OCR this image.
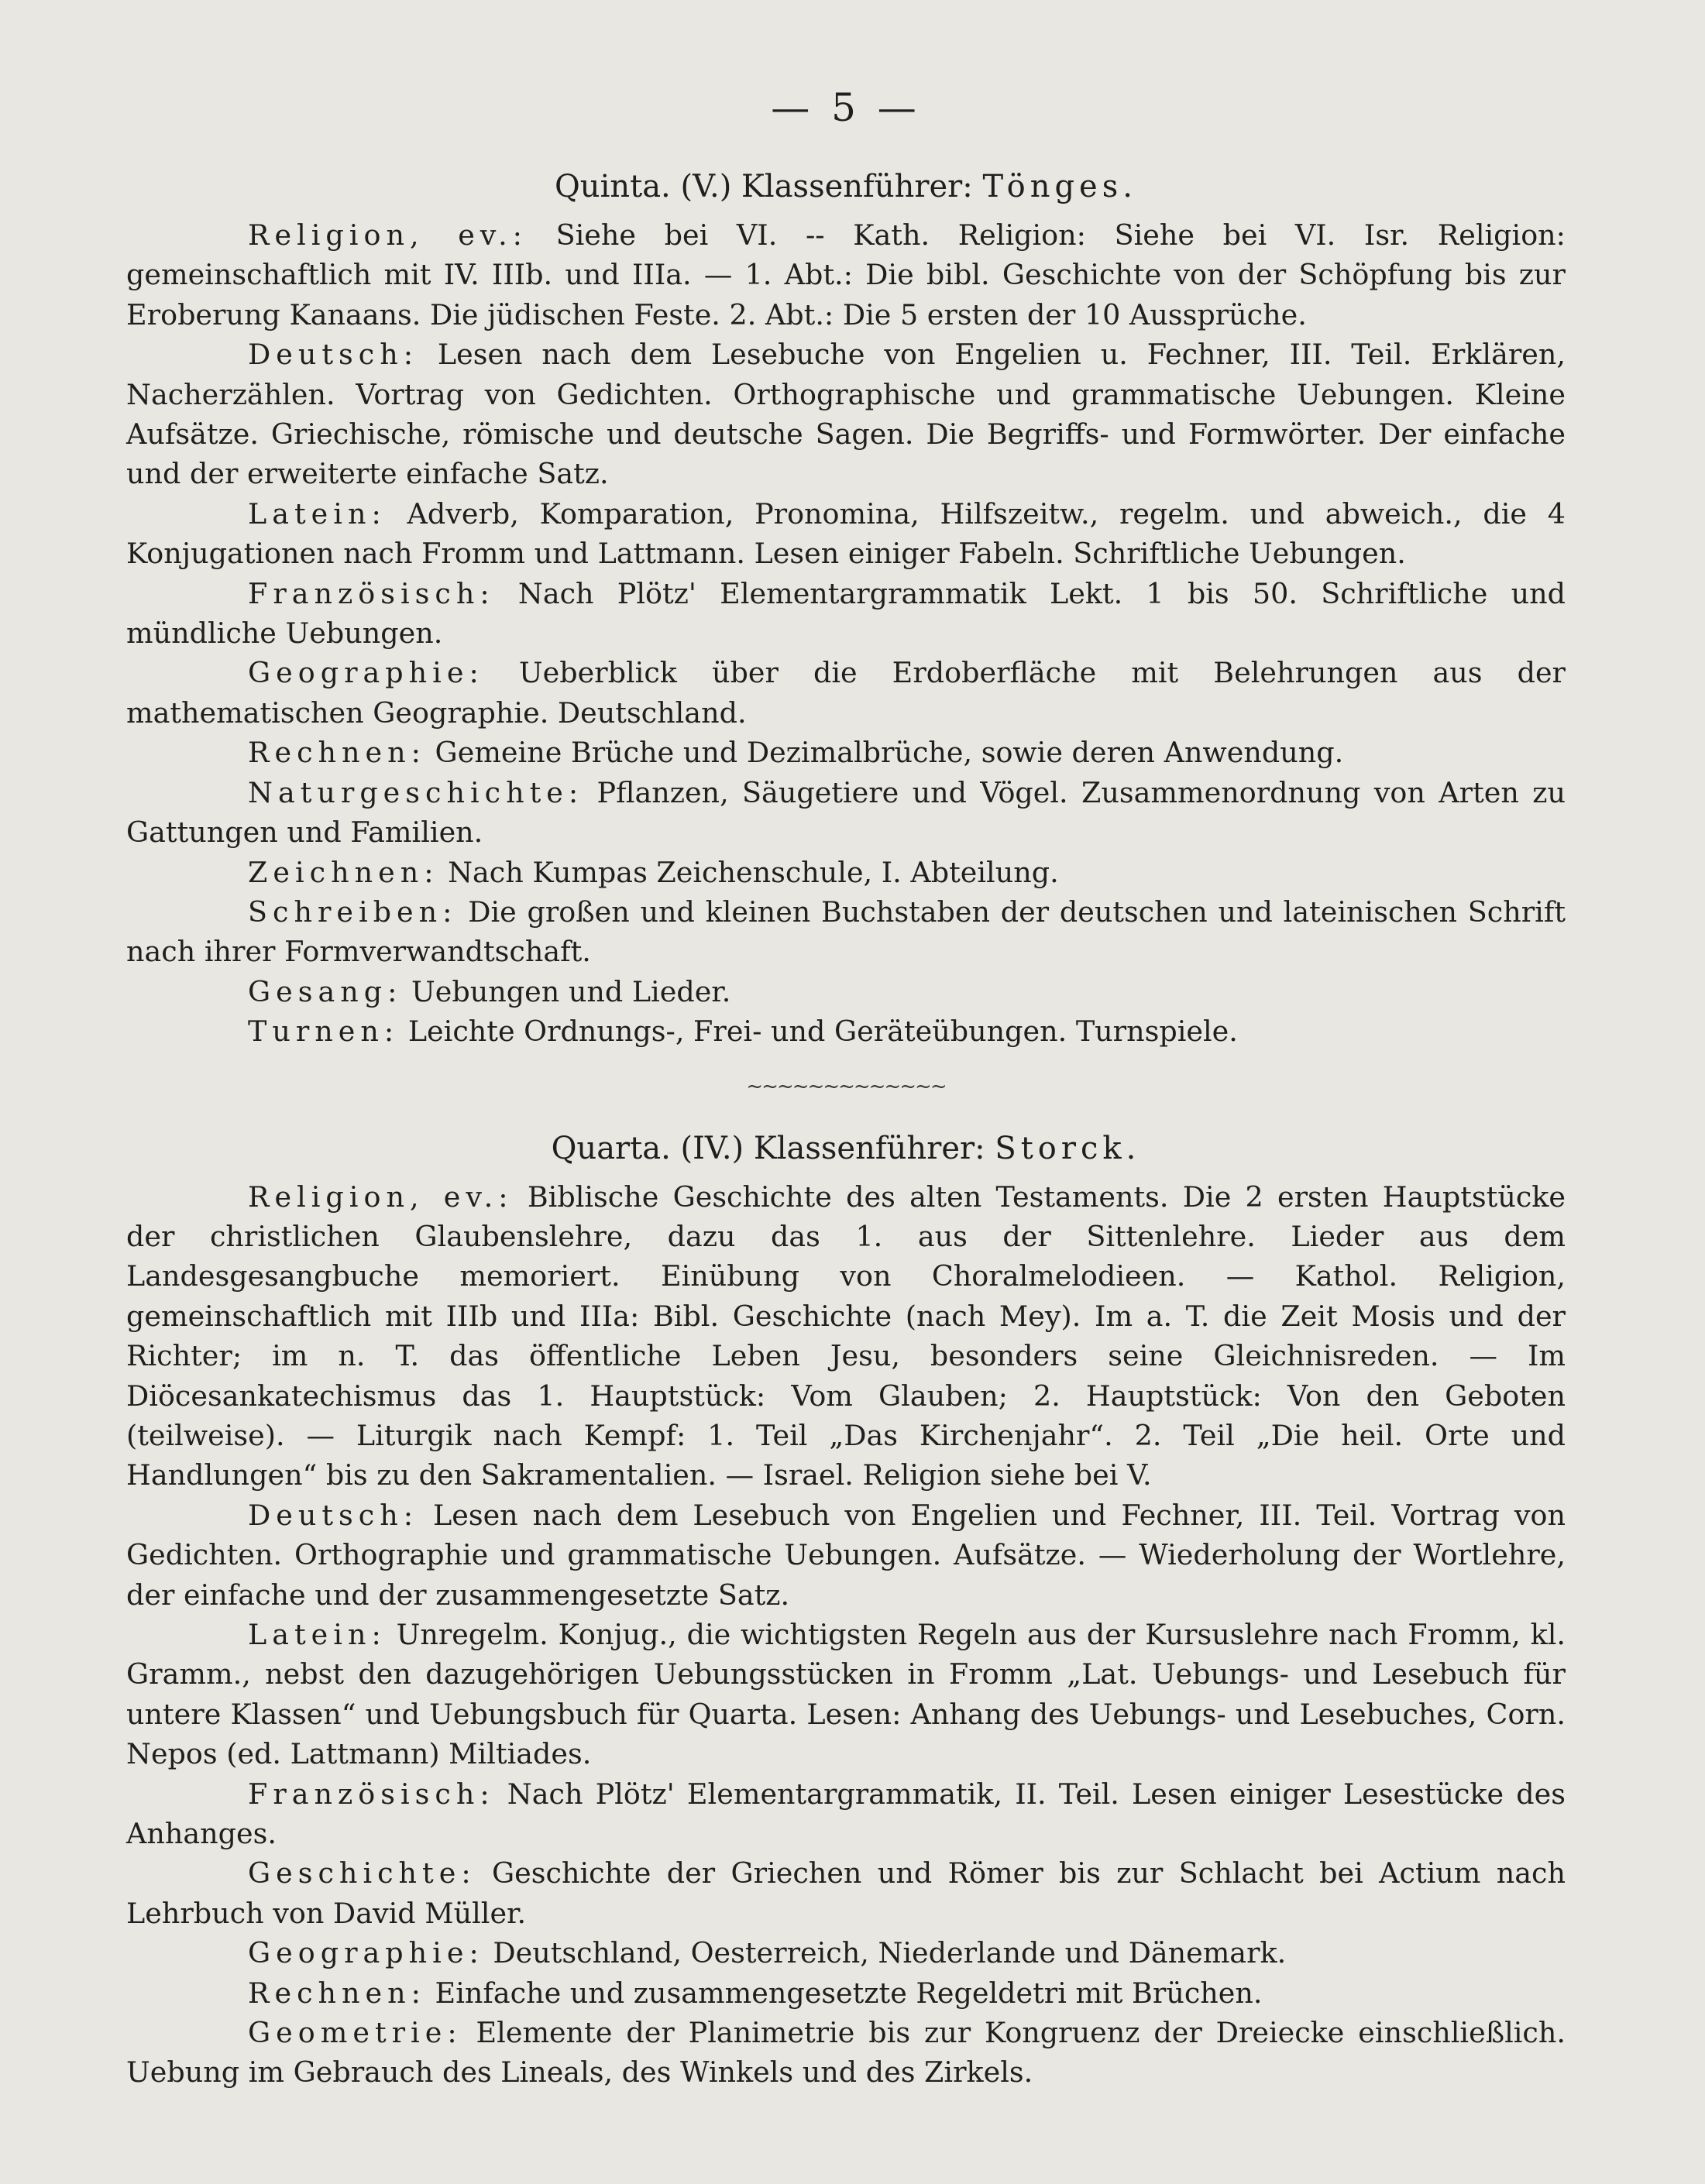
— 5 —
Quinta. (V.) Klassenführer: Tönges.

Religion, ev.: Siehe bei VI. -- Kath. Religion: Siehe bei VI. Isr. Religion: gemeinschaftlich mit IV. IIIb. und IIIa. — 1. Abt.: Die bibl. Geschichte von der Schöpfung bis zur Eroberung Kanaans. Die jüdischen Feste. 2. Abt.: Die 5 ersten der 10 Aussprüche.

Deutsch: Lesen nach dem Lesebuche von Engelien u. Fechner, III. Teil. Erklären, Nacherzählen. Vortrag von Gedichten. Orthographische und grammatische Uebungen. Kleine Aufsätze. Griechische, römische und deutsche Sagen. Die Begriffs- und Formwörter. Der einfache und der erweiterte einfache Satz.

Latein: Adverb, Komparation, Pronomina, Hilfszeitw., regelm. und abweich., die 4 Konjugationen nach Fromm und Lattmann. Lesen einiger Fabeln. Schriftliche Uebungen.

Französisch: Nach Plötz' Elementargrammatik Lekt. 1 bis 50. Schriftliche und mündliche Uebungen.

Geographie: Ueberblick über die Erdoberfläche mit Belehrungen aus der mathematischen Geographie. Deutschland.

Rechnen: Gemeine Brüche und Dezimalbrüche, sowie deren Anwendung.

Naturgeschichte: Pflanzen, Säugetiere und Vögel. Zusammenordnung von Arten zu Gattungen und Familien.

Zeichnen: Nach Kumpas Zeichenschule, I. Abteilung.

Schreiben: Die großen und kleinen Buchstaben der deutschen und lateinischen Schrift nach ihrer Formverwandtschaft.

Gesang: Uebungen und Lieder.

Turnen: Leichte Ordnungs-, Frei- und Geräteübungen. Turnspiele.

~~~~~~~~~~~~~
Quarta. (IV.) Klassenführer: Storck.

Religion, ev.: Biblische Geschichte des alten Testaments. Die 2 ersten Hauptstücke der christlichen Glaubenslehre, dazu das 1. aus der Sittenlehre. Lieder aus dem Landesgesangbuche memoriert. Einübung von Choralmelodieen. — Kathol. Religion, gemeinschaftlich mit IIIb und IIIa: Bibl. Geschichte (nach Mey). Im a. T. die Zeit Mosis und der Richter; im n. T. das öffentliche Leben Jesu, besonders seine Gleichnisreden. — Im Diöcesankatechismus das 1. Hauptstück: Vom Glauben; 2. Hauptstück: Von den Geboten (teilweise). — Liturgik nach Kempf: 1. Teil „Das Kirchenjahr“. 2. Teil „Die heil. Orte und Handlungen“ bis zu den Sakramentalien. — Israel. Religion siehe bei V.

Deutsch: Lesen nach dem Lesebuch von Engelien und Fechner, III. Teil. Vortrag von Gedichten. Orthographie und grammatische Uebungen. Aufsätze. — Wiederholung der Wortlehre, der einfache und der zusammengesetzte Satz.

Latein: Unregelm. Konjug., die wichtigsten Regeln aus der Kursuslehre nach Fromm, kl. Gramm., nebst den dazugehörigen Uebungsstücken in Fromm „Lat. Uebungs- und Lesebuch für untere Klassen“ und Uebungsbuch für Quarta. Lesen: Anhang des Uebungs- und Lesebuches, Corn. Nepos (ed. Lattmann) Miltiades.

Französisch: Nach Plötz' Elementargrammatik, II. Teil. Lesen einiger Lesestücke des Anhanges.

Geschichte: Geschichte der Griechen und Römer bis zur Schlacht bei Actium nach Lehrbuch von David Müller.

Geographie: Deutschland, Oesterreich, Niederlande und Dänemark.

Rechnen: Einfache und zusammengesetzte Regeldetri mit Brüchen.

Geometrie: Elemente der Planimetrie bis zur Kongruenz der Dreiecke einschließlich. Uebung im Gebrauch des Lineals, des Winkels und des Zirkels.
